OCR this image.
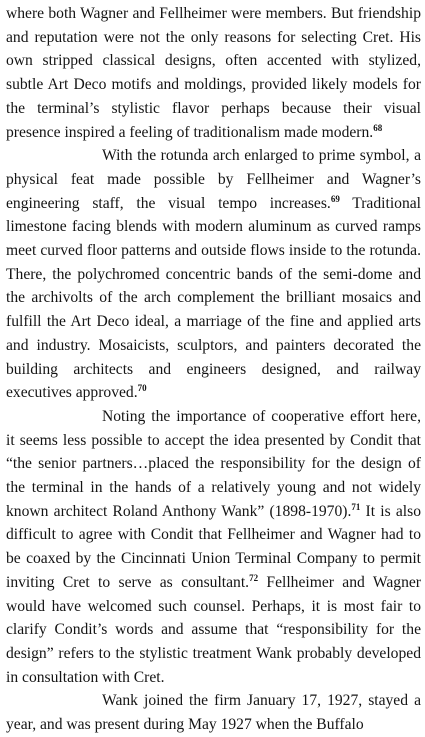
where both Wagner and Fellheimer were members. But friendship and reputation were not the only reasons for selecting Cret. His own stripped classical designs, often accented with stylized, subtle Art Deco motifs and moldings, provided likely models for the terminal’s stylistic flavor perhaps because their visual presence inspired a feeling of traditionalism made modern.$^{68}$

With the rotunda arch enlarged to prime symbol, a physical feat made possible by Fellheimer and Wagner’s engineering staff, the visual tempo increases.$^{69}$ Traditional limestone facing blends with modern aluminum as curved ramps meet curved floor patterns and outside flows inside to the rotunda. There, the polychromed concentric bands of the semi-dome and the archivolts of the arch complement the brilliant mosaics and fulfill the Art Deco ideal, a marriage of the fine and applied arts and industry. Mosaicists, sculptors, and painters decorated the building architects and engineers designed, and railway executives approved.$^{70}$

Noting the importance of cooperative effort here, it seems less possible to accept the idea presented by Condit that “the senior partners…placed the responsibility for the design of the terminal in the hands of a relatively young and not widely known architect Roland Anthony Wank” (1898-1970).$^{71}$ It is also difficult to agree with Condit that Fellheimer and Wagner had to be coaxed by the Cincinnati Union Terminal Company to permit inviting Cret to serve as consultant.$^{72}$ Fellheimer and Wagner would have welcomed such counsel. Perhaps, it is most fair to clarify Condit’s words and assume that “responsibility for the design” refers to the stylistic treatment Wank probably developed in consultation with Cret.

Wank joined the firm January 17, 1927, stayed a year, and was present during May 1927 when the Buffalo
